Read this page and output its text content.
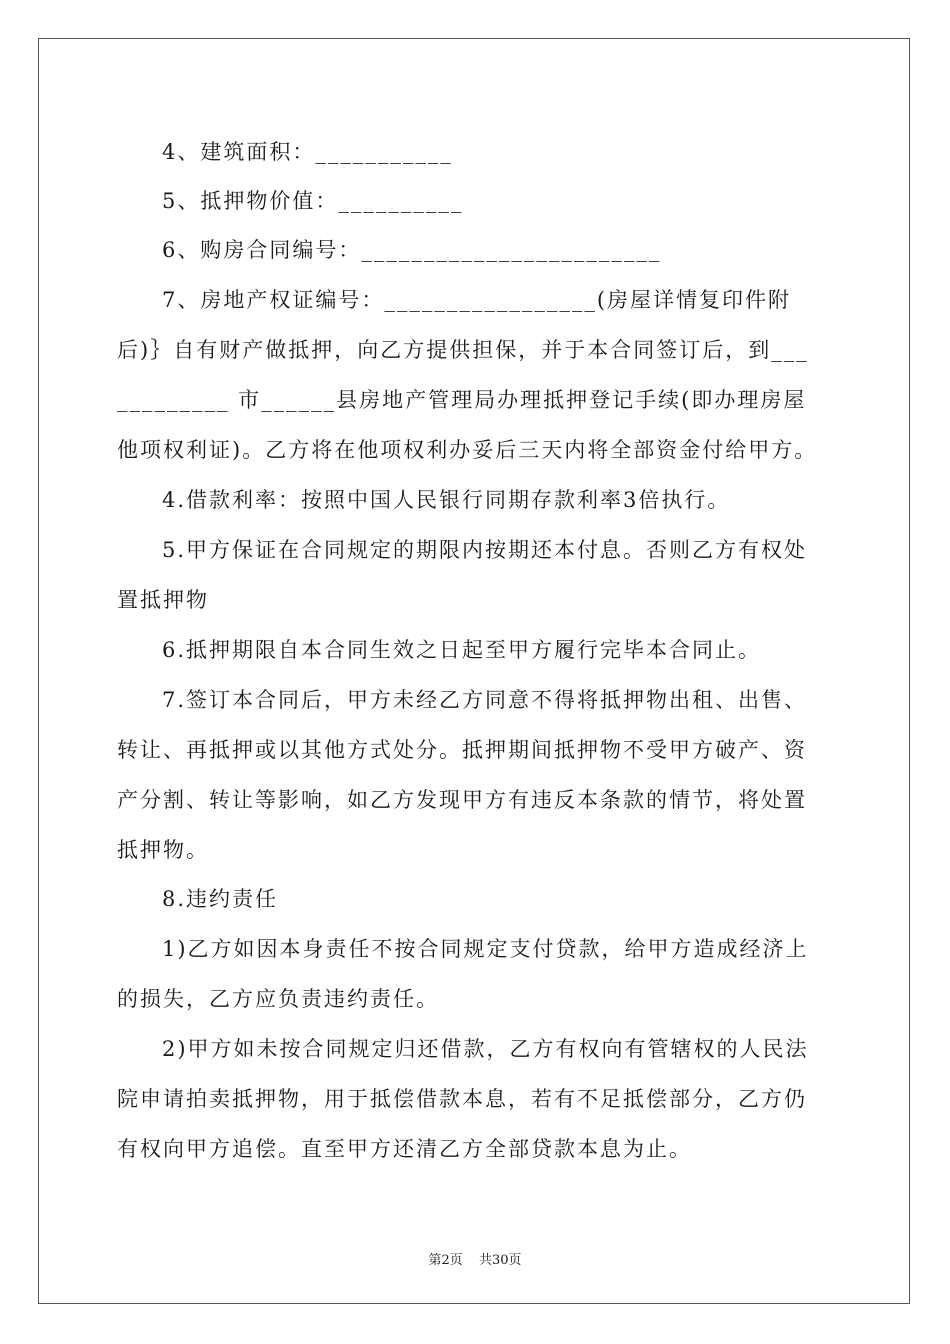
4、建筑面积：___________
5、抵押物价值：__________
6、购房合同编号：________________________
7、房地产权证编号：_________________(房屋详情复印件附
后)｝自有财产做抵押，向乙方提供担保，并于本合同签订后，到___
_________ 市______县房地产管理局办理抵押登记手续(即办理房屋
他项权利证)。乙方将在他项权利办妥后三天内将全部资金付给甲方。
4.借款利率：按照中国人民银行同期存款利率3倍执行。
5.甲方保证在合同规定的期限内按期还本付息。否则乙方有权处
置抵押物
6.抵押期限自本合同生效之日起至甲方履行完毕本合同止。
7.签订本合同后，甲方未经乙方同意不得将抵押物出租、出售、
转让、再抵押或以其他方式处分。抵押期间抵押物不受甲方破产、资
产分割、转让等影响，如乙方发现甲方有违反本条款的情节，将处置
抵押物。
8.违约责任
1)乙方如因本身责任不按合同规定支付贷款，给甲方造成经济上
的损失，乙方应负责违约责任。
2)甲方如未按合同规定归还借款，乙方有权向有管辖权的人民法
院申请拍卖抵押物，用于抵偿借款本息，若有不足抵偿部分，乙方仍
有权向甲方追偿。直至甲方还清乙方全部贷款本息为止。
第2页 共30页
